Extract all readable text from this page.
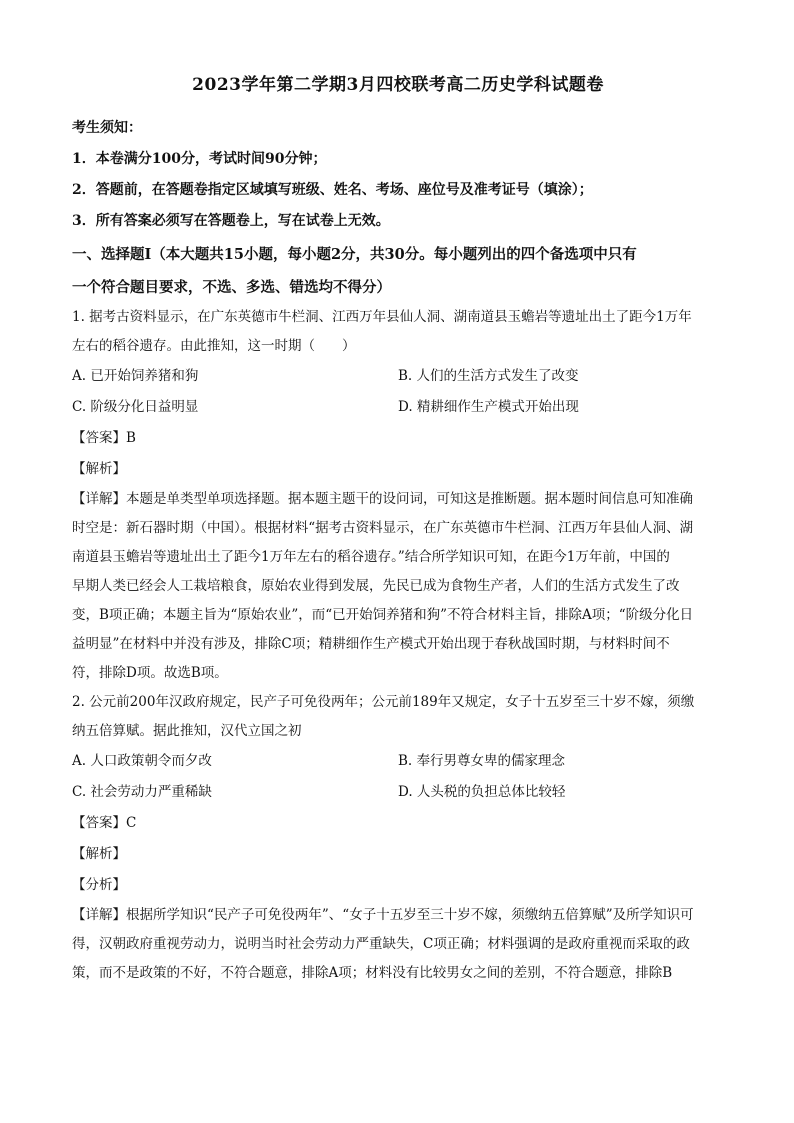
2023学年第二学期3月四校联考高二历史学科试题卷
考生须知：
1．本卷满分100分，考试时间90分钟；
2．答题前，在答题卷指定区域填写班级、姓名、考场、座位号及准考证号（填涂）；
3．所有答案必须写在答题卷上，写在试卷上无效。
一、选择题Ⅰ（本大题共15小题，每小题2分，共30分。每小题列出的四个备选项中只有
一个符合题目要求，不选、多选、错选均不得分）
1. 据考古资料显示，在广东英德市牛栏洞、江西万年县仙人洞、湖南道县玉蟾岩等遗址出土了距今1万年
左右的稻谷遗存。由此推知，这一时期（　　）
A. 已开始饲养猪和狗	B. 人们的生活方式发生了改变
C. 阶级分化日益明显	D. 精耕细作生产模式开始出现
【答案】B
【解析】
【详解】本题是单类型单项选择题。据本题主题干的设问词，可知这是推断题。据本题时间信息可知准确
时空是：新石器时期（中国）。根据材料“据考古资料显示，在广东英德市牛栏洞、江西万年县仙人洞、湖
南道县玉蟾岩等遗址出土了距今1万年左右的稻谷遗存。”结合所学知识可知，在距今1万年前，中国的
早期人类已经会人工栽培粮食，原始农业得到发展，先民已成为食物生产者，人们的生活方式发生了改
变，B项正确；本题主旨为“原始农业”，而“已开始饲养猪和狗”不符合材料主旨，排除A项；“阶级分化日
益明显”在材料中并没有涉及，排除C项；精耕细作生产模式开始出现于春秋战国时期，与材料时间不
符，排除D项。故选B项。
2. 公元前200年汉政府规定，民产子可免役两年；公元前189年又规定，女子十五岁至三十岁不嫁，须缴
纳五倍算赋。据此推知，汉代立国之初
A. 人口政策朝令而夕改	B. 奉行男尊女卑的儒家理念
C. 社会劳动力严重稀缺	D. 人头税的负担总体比较轻
【答案】C
【解析】
【分析】
【详解】根据所学知识“民产子可免役两年”、“女子十五岁至三十岁不嫁，须缴纳五倍算赋”及所学知识可
得，汉朝政府重视劳动力，说明当时社会劳动力严重缺失，C项正确；材料强调的是政府重视而采取的政
策，而不是政策的不好，不符合题意，排除A项；材料没有比较男女之间的差别，不符合题意，排除B
